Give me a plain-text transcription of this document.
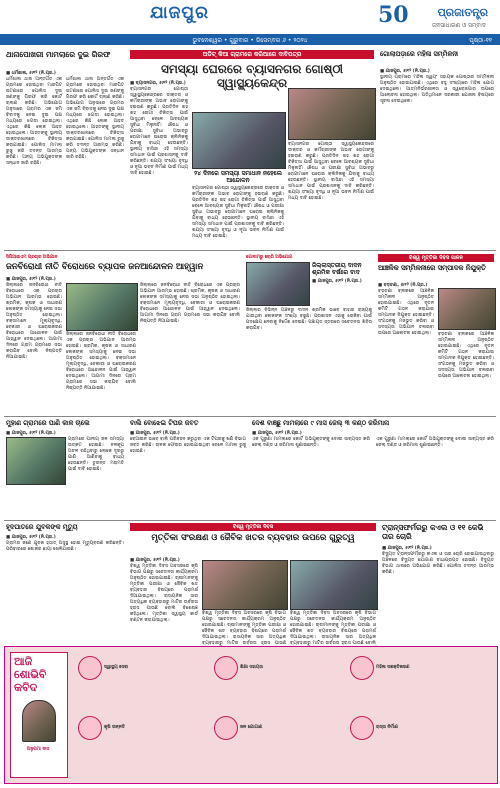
ଯାଜପୁର	50	ପ୍ରଜାତନ୍ତ୍ର
ଜନସାଧାରଣ ଓ ସମ୍ବାଦ
ଭୁବନେଶ୍ୱର • ଗୁରୁବାର • ଡିସେମ୍ବର ୬ • ୨୦୨୪	ପୃଷ୍ଠା-୧୧
ଥାନାପୋଖରୀ ମାମଲାରେ ଦୁଇ ଗିରଫ
■ ଧର୍ମଶାଳା, ୫ା୧୨ (ନି.ପ୍ର.)
ଧର୍ମଶାଳା ଥାନା ଅନ୍ତର୍ଗତ ଏକ ଗ୍ରାମରେ ହୋଇଥିବା ମାରପିଟ ଘଟଣାରେ ପୋଲିସ ଦୁଇ ଜଣଙ୍କୁ ଗିରଫ କରି କୋର୍ଟ ଚାଲାଣ କରିଛି। ଅଭିଯୋଗ ଅନୁସାରେ ଗ୍ରାମର ଏକ ଜମି ବିବାଦକୁ ନେଇ ଦୁଇ ପକ୍ଷ ମଧ୍ୟରେ ଝଗଡା ହୋଇଥିଲା। ଏଥିରେ କିଛି ଲୋକ ଆହତ ହୋଇଥିଲେ। ଆହତଙ୍କୁ ସ୍ଥାନୀୟ ଡାକ୍ତରଖାନାରେ ଚିକିତ୍ସା କରାଯାଇଛି। ପୋଲିସ ମାମଲା ରୁଜୁ କରି ତଦନ୍ତ ଆରମ୍ଭ କରିଛି। ଅନ୍ୟ ଅଭିଯୁକ୍ତଙ୍କ ସନ୍ଧାନ ଜାରି ରହିଛି।
ଧର୍ମଶାଳା ଥାନା ଅନ୍ତର୍ଗତ ଏକ ଗ୍ରାମରେ ହୋଇଥିବା ମାରପିଟ ଘଟଣାରେ ପୋଲିସ ଦୁଇ ଜଣଙ୍କୁ ଗିରଫ କରି କୋର୍ଟ ଚାଲାଣ କରିଛି। ଅଭିଯୋଗ ଅନୁସାରେ ଗ୍ରାମର ଏକ ଜମି ବିବାଦକୁ ନେଇ ଦୁଇ ପକ୍ଷ ମଧ୍ୟରେ ଝଗଡା ହୋଇଥିଲା। ଏଥିରେ କିଛି ଲୋକ ଆହତ ହୋଇଥିଲେ। ଆହତଙ୍କୁ ସ୍ଥାନୀୟ ଡାକ୍ତରଖାନାରେ ଚିକିତ୍ସା କରାଯାଇଛି। ପୋଲିସ ମାମଲା ରୁଜୁ କରି ତଦନ୍ତ ଆରମ୍ଭ କରିଛି। ଅନ୍ୟ ଅଭିଯୁକ୍ତଙ୍କ ସନ୍ଧାନ ଜାରି ରହିଛି।
ଅଡିଟ୍ କିଆ ଗ୍ରାମରେ କରିଆରେ ଦାବିପତ୍ର
ସମସ୍ୟା ଘେରରେ ବ୍ୟାସନଗର ଗୋଷ୍ଠୀ ସ୍ୱାସ୍ଥ୍ୟକେନ୍ଦ୍ର
■ ବ୍ୟାସନଗର, ୫ା୧୨ (ନି.ପ୍ର.)
ବ୍ୟାସନଗର ଗୋଷ୍ଠୀ ସ୍ୱାସ୍ଥ୍ୟକେନ୍ଦ୍ରରେ ଡାକ୍ତର ଓ କର୍ମଚାରୀଙ୍କ ଅଭାବ ରୋଗୀଙ୍କୁ ହଇରାଣ କରୁଛି। ପ୍ରତିଦିନ ଶହ ଶହ ରୋଗୀ ଚିକିତ୍ସା ପାଇଁ ଆସୁଥିବା ବେଳେ ଆବଶ୍ୟକ ସୁବିଧା ମିଳୁନାହିଁ। ଔଷଧ ଓ ପରୀକ୍ଷା ସୁବିଧା ଅଭାବରୁ ରୋଗୀମାନେ ଘରୋଇ କ୍ଲିନିକକୁ ଯିବାକୁ ବାଧ୍ୟ ହେଉଛନ୍ତି। ସ୍ଥାନୀୟ ବାସିନ୍ଦା ଏହି ସମସ୍ୟା ସମାଧାନ ପାଇଁ ପ୍ରଶାସନକୁ ଦାବି କରିଛନ୍ତି। ଶଯ୍ୟା ସଂଖ୍ୟା ବୃଦ୍ଧି ଓ ନୂଆ ଭବନ ନିର୍ମାଣ ପାଇଁ ମଧ୍ୟ ଦାବି ହୋଇଛି।	୨୪ ଦିନରେ ସମସ୍ୟା ସମାଧାନ ନହେଲେ ଆନ୍ଦୋଳନ
ବ୍ୟାସନଗର ଗୋଷ୍ଠୀ ସ୍ୱାସ୍ଥ୍ୟକେନ୍ଦ୍ରରେ ଡାକ୍ତର ଓ କର୍ମଚାରୀଙ୍କ ଅଭାବ ରୋଗୀଙ୍କୁ ହଇରାଣ କରୁଛି। ପ୍ରତିଦିନ ଶହ ଶହ ରୋଗୀ ଚିକିତ୍ସା ପାଇଁ ଆସୁଥିବା ବେଳେ ଆବଶ୍ୟକ ସୁବିଧା ମିଳୁନାହିଁ। ଔଷଧ ଓ ପରୀକ୍ଷା ସୁବିଧା ଅଭାବରୁ ରୋଗୀମାନେ ଘରୋଇ କ୍ଲିନିକକୁ ଯିବାକୁ ବାଧ୍ୟ ହେଉଛନ୍ତି। ସ୍ଥାନୀୟ ବାସିନ୍ଦା ଏହି ସମସ୍ୟା ସମାଧାନ ପାଇଁ ପ୍ରଶାସନକୁ ଦାବି କରିଛନ୍ତି। ଶଯ୍ୟା ସଂଖ୍ୟା ବୃଦ୍ଧି ଓ ନୂଆ ଭବନ ନିର୍ମାଣ ପାଇଁ ମଧ୍ୟ ଦାବି ହୋଇଛି।
ବ୍ୟାସନଗର ଗୋଷ୍ଠୀ ସ୍ୱାସ୍ଥ୍ୟକେନ୍ଦ୍ରରେ ଡାକ୍ତର ଓ କର୍ମଚାରୀଙ୍କ ଅଭାବ ରୋଗୀଙ୍କୁ ହଇରାଣ କରୁଛି। ପ୍ରତିଦିନ ଶହ ଶହ ରୋଗୀ ଚିକିତ୍ସା ପାଇଁ ଆସୁଥିବା ବେଳେ ଆବଶ୍ୟକ ସୁବିଧା ମିଳୁନାହିଁ। ଔଷଧ ଓ ପରୀକ୍ଷା ସୁବିଧା ଅଭାବରୁ ରୋଗୀମାନେ ଘରୋଇ କ୍ଲିନିକକୁ ଯିବାକୁ ବାଧ୍ୟ ହେଉଛନ୍ତି। ସ୍ଥାନୀୟ ବାସିନ୍ଦା ଏହି ସମସ୍ୟା ସମାଧାନ ପାଇଁ ପ୍ରଶାସନକୁ ଦାବି କରିଛନ୍ତି। ଶଯ୍ୟା ସଂଖ୍ୟା ବୃଦ୍ଧି ଓ ନୂଆ ଭବନ ନିର୍ମାଣ ପାଇଁ ମଧ୍ୟ ଦାବି ହୋଇଛି।
ଗୋଲାପଡ଼ାରେ ମହିଳା ସମ୍ମିଳନୀ
■ ଯାଜପୁର, ୫ା୧୨ (ନି.ପ୍ର.)
ସ୍ଥାନୀୟ ଗ୍ରାମରେ ମହିଳା ସ୍ୱୟଂ ସହାୟକ ଗୋଷ୍ଠୀର ସମ୍ମିଳନୀ ଅନୁଷ୍ଠିତ ହୋଇଯାଇଛି। ଏଥିରେ ବହୁ ସଂଖ୍ୟାରେ ମହିଳା ଯୋଗ ଦେଇଥିଲେ। ଆତ୍ମନିର୍ଭରଶୀଳତା ଓ ସ୍ୱରୋଜଗାର ଉପରେ ଆଲୋଚନା ହୋଇଥିଲା। ଅତିଥିମାନେ ସରକାରୀ ଯୋଜନା ବିଷୟରେ ସୂଚନା ଦେଇଥିଲେ।
ସିପିଆଇଏମ ପ୍ରଚାର ଅଭିଯାନ
ଜନବିରୋଧୀ ନୀତି ବିରୋଧରେ ବ୍ୟାପକ ଜନଆନ୍ଦୋଳନ ଆହ୍ୱାନ
■ ଯାଜପୁର, ୫ା୧୨ (ନି.ପ୍ର.)
ଜିଲ୍ଲାରେ ଜନବିରୋଧୀ ନୀତି ବିରୋଧରେ ଏକ ପ୍ରଚାର ଅଭିଯାନ ଆରମ୍ଭ ହୋଇଛି। ଶ୍ରମିକ, କୃଷକ ଓ ସାଧାରଣ ଲୋକଙ୍କ ସମସ୍ୟାକୁ ନେଇ ସଭା ଅନୁଷ୍ଠିତ ହୋଇଥିଲା। ବକ୍ତାମାନେ ମୂଲ୍ୟବୃଦ୍ଧି, ବେକାରୀ ଓ ଘରୋଇକରଣ ବିରୋଧରେ ଆନ୍ଦୋଳନ ପାଇଁ ଆହ୍ୱାନ ଦେଇଥିଲେ। ଆଗାମୀ ଦିନରେ ଗ୍ରାମ ଗ୍ରାମରେ ସଭା କରାଯିବ ବୋଲି ନିଷ୍ପତ୍ତି ନିଆଯାଇଛି।
ଜିଲ୍ଲାରେ ଜନବିରୋଧୀ ନୀତି ବିରୋଧରେ ଏକ ପ୍ରଚାର ଅଭିଯାନ ଆରମ୍ଭ ହୋଇଛି। ଶ୍ରମିକ, କୃଷକ ଓ ସାଧାରଣ ଲୋକଙ୍କ ସମସ୍ୟାକୁ ନେଇ ସଭା ଅନୁଷ୍ଠିତ ହୋଇଥିଲା। ବକ୍ତାମାନେ ମୂଲ୍ୟବୃଦ୍ଧି, ବେକାରୀ ଓ ଘରୋଇକରଣ ବିରୋଧରେ ଆନ୍ଦୋଳନ ପାଇଁ ଆହ୍ୱାନ ଦେଇଥିଲେ। ଆଗାମୀ ଦିନରେ ଗ୍ରାମ ଗ୍ରାମରେ ସଭା କରାଯିବ ବୋଲି ନିଷ୍ପତ୍ତି ନିଆଯାଇଛି।
ଜିଲ୍ଲାରେ ଜନବିରୋଧୀ ନୀତି ବିରୋଧରେ ଏକ ପ୍ରଚାର ଅଭିଯାନ ଆରମ୍ଭ ହୋଇଛି। ଶ୍ରମିକ, କୃଷକ ଓ ସାଧାରଣ ଲୋକଙ୍କ ସମସ୍ୟାକୁ ନେଇ ସଭା ଅନୁଷ୍ଠିତ ହୋଇଥିଲା। ବକ୍ତାମାନେ ମୂଲ୍ୟବୃଦ୍ଧି, ବେକାରୀ ଓ ଘରୋଇକରଣ ବିରୋଧରେ ଆନ୍ଦୋଳନ ପାଇଁ ଆହ୍ୱାନ ଦେଇଥିଲେ। ଆଗାମୀ ଦିନରେ ଗ୍ରାମ ଗ୍ରାମରେ ସଭା କରାଯିବ ବୋଲି ନିଷ୍ପତ୍ତି ନିଆଯାଇଛି।
ଗୋଦାମରୁ ଚୋରି ଅଭିଯୋଗ
ଜିଲ୍ଲାସ୍ତରୀୟ ଦାଦନ ଶ୍ରମିକ ବର୍ଷରେ ବାଦ
■ ଯାଜପୁର, ୫ା୧୨ (ନି.ପ୍ର.)
ଜିଲ୍ଲାର ବିଭିନ୍ନ ଅଞ୍ଚଳରୁ ଦାଦନ ଶ୍ରମିକ ଭାବେ ବାହାର ରାଜ୍ୟକୁ ଯାଉଥିବା ଲୋକଙ୍କ ସଂଖ୍ୟା ବଢୁଛି। ପ୍ରଶାସନ ଏହାକୁ ରୋକିବା ପାଇଁ ପଦକ୍ଷେପ ନେବାକୁ ନିର୍ଦ୍ଦେଶ ଦେଇଛି। ପଞ୍ଚାୟତ ସ୍ତରରେ ସଚେତନତା ଶିବିର କରାଯିବ।
ବିଶ୍ୱ ମୃତ୍ତିକା ଦିବସ ପାଳନ
ଆଞ୍ଚଳିକ ସମ୍ମିଳନୀରେ ସମ୍ପାଦକ ନିଯୁକ୍ତି
■ ବଡ଼ଚଣା, ୫ା୧୨ (ନି.ପ୍ର.)
ବଡ଼ଚଣା ବ୍ଲକରେ ଆଞ୍ଚଳିକ ସମ୍ମିଳନୀ ଅନୁଷ୍ଠିତ ହୋଇଯାଇଛି। ଏଥିରେ ନୂତନ କମିଟି ଗଠନ କରାଯାଇ ସମ୍ପାଦକ ନିଯୁକ୍ତ ହୋଇଛନ୍ତି। ସଂଗଠନକୁ ମଜଭୁତ କରିବା ଓ ସଦସ୍ୟତା ଅଭିଯାନ ଚଳାଇବା ଉପରେ ଆଲୋଚନା ହୋଇଥିଲା।	ବଡ଼ଚଣା ବ୍ଲକରେ ଆଞ୍ଚଳିକ ସମ୍ମିଳନୀ ଅନୁଷ୍ଠିତ ହୋଇଯାଇଛି। ଏଥିରେ ନୂତନ କମିଟି ଗଠନ କରାଯାଇ ସମ୍ପାଦକ ନିଯୁକ୍ତ ହୋଇଛନ୍ତି। ସଂଗଠନକୁ ମଜଭୁତ କରିବା ଓ ସଦସ୍ୟତା ଅଭିଯାନ ଚଳାଇବା ଉପରେ ଆଲୋଚନା ହୋଇଥିଲା।
ମୁହାଣ ଗ୍ରାମରେ ପାଣି କାଳ ଚାଲେ
■ ଯାଜପୁର, ୫ା୧୨ (ନି.ପ୍ର.)
ଗ୍ରାମରେ ପାନୀୟ ଜଳ ସମସ୍ୟା ଉତ୍କଟ ହୋଇଛି। ନଳକୂପ ଅଚଳ ରହିଥିବାରୁ ଲୋକେ ଦୂରରୁ ପାଣି ଆଣିବାକୁ ବାଧ୍ୟ ହେଉଛନ୍ତି। ତୁରନ୍ତ ମରାମତି ପାଇଁ ଦାବି ହୋଇଛି।
ବାଲି ବୋଝେଇ ଟିପର ଜବତ
■ ଯାଜପୁର, ୫ା୧୨ (ନି.ପ୍ର.)
ବେଆଇନ ଭାବେ ବାଲି ପରିବହନ କରୁଥିବା ଏକ ଟିପରକୁ ଖଣି ବିଭାଗ ଜବତ କରିଛି। ଚାଳକ ଫେରାର ହୋଇଯାଇଥିବା ବେଳେ ମାମଲା ରୁଜୁ ହୋଇଛି।
ଦେଶ ବାଞ୍ଛୁ ମାମଲାରେ ୯ ମାସ ଜେଲ୍ ୩ କଣ୍ଠ ଜରିମାନା
■ ଯାଜପୁର, ୫ା୧୨ (ନି.ପ୍ର.)
ଏକ ପୁରୁଣା ମାମଲାରେ କୋର୍ଟ ଅଭିଯୁକ୍ତଙ୍କୁ ଦୋଷୀ ସାବ୍ୟସ୍ତ କରି ଜେଲ୍ ଦଣ୍ଡ ଓ ଜରିମାନା ଶୁଣାଇଛନ୍ତି।
ଏକ ପୁରୁଣା ମାମଲାରେ କୋର୍ଟ ଅଭିଯୁକ୍ତଙ୍କୁ ଦୋଷୀ ସାବ୍ୟସ୍ତ କରି ଜେଲ୍ ଦଣ୍ଡ ଓ ଜରିମାନା ଶୁଣାଇଛନ୍ତି।
ହୃଦଘାତରେ ଯୁବକଙ୍କ ମୃତ୍ୟୁ
■ ଯାଜପୁର, ୫ା୧୨ (ନି.ପ୍ର.)
ଗ୍ରାମର ଜଣେ ଯୁବକ ହଠାତ୍ ଅସୁସ୍ଥ ହୋଇ ମୃତ୍ୟୁବରଣ କରିଛନ୍ତି। ପରିବାରରେ ଶୋକର ଛାୟା ଖେଳିଯାଇଛି।
ବିଶ୍ୱ ମୃତ୍ତିକା ଦିବସ
ମୃତ୍ତିକା ସଂରକ୍ଷଣ ଓ ଜୈବିକ ଖତର ବ୍ୟବହାର ଉପରେ ଗୁରୁତ୍ୱ
■ ଯାଜପୁର, ୫ା୧୨ (ନି.ପ୍ର.)
ବିଶ୍ୱ ମୃତ୍ତିକା ଦିବସ ଅବସରରେ କୃଷି ବିଭାଗ ପକ୍ଷରୁ ସଚେତନତା କାର୍ଯ୍ୟକ୍ରମ ଅନୁଷ୍ଠିତ ହୋଇଯାଇଛି। ଚାଷୀମାନଙ୍କୁ ମୃତ୍ତିକା ପରୀକ୍ଷା ଓ ଜୈବିକ ଖତ ବ୍ୟବହାର ବିଷୟରେ ପରାମର୍ଶ ଦିଆଯାଇଥିଲା। ରାସାୟନିକ ସାର ଅତ୍ୟଧିକ ବ୍ୟବହାରରୁ ମାଟିର ଉର୍ବରତା ହ୍ରାସ ପାଉଛି ବୋଲି ବିଶେଷଜ୍ଞ କହିଥିଲେ। ମୃତ୍ତିକା ସ୍ୱାସ୍ଥ୍ୟ କାର୍ଡ ବଣ୍ଟନ କରାଯାଇଥିଲା।
ବିଶ୍ୱ ମୃତ୍ତିକା ଦିବସ ଅବସରରେ କୃଷି ବିଭାଗ ପକ୍ଷରୁ ସଚେତନତା କାର୍ଯ୍ୟକ୍ରମ ଅନୁଷ୍ଠିତ ହୋଇଯାଇଛି। ଚାଷୀମାନଙ୍କୁ ମୃତ୍ତିକା ପରୀକ୍ଷା ଓ ଜୈବିକ ଖତ ବ୍ୟବହାର ବିଷୟରେ ପରାମର୍ଶ ଦିଆଯାଇଥିଲା। ରାସାୟନିକ ସାର ଅତ୍ୟଧିକ ବ୍ୟବହାରରୁ ମାଟିର ଉର୍ବରତା ହ୍ରାସ ପାଉଛି
ବିଶ୍ୱ ମୃତ୍ତିକା ଦିବସ ଅବସରରେ କୃଷି ବିଭାଗ ପକ୍ଷରୁ ସଚେତନତା କାର୍ଯ୍ୟକ୍ରମ ଅନୁଷ୍ଠିତ ହୋଇଯାଇଛି। ଚାଷୀମାନଙ୍କୁ ମୃତ୍ତିକା ପରୀକ୍ଷା ଓ ଜୈବିକ ଖତ ବ୍ୟବହାର ବିଷୟରେ ପରାମର୍ଶ ଦିଆଯାଇଥିଲା। ରାସାୟନିକ ସାର ଅତ୍ୟଧିକ ବ୍ୟବହାରରୁ ମାଟିର ଉର୍ବରତା ହ୍ରାସ ପାଉଛି ବୋଲି
ଟ୍ରାନ୍ସଫର୍ମରରୁ କଏଲ ଓ ୧୧ କେଭି ତାର ଚୋରି
■ ଯାଜପୁର, ୫ା୧୨ (ନି.ପ୍ର.)
ବିଦ୍ୟୁତ ଟ୍ରାନ୍ସଫର୍ମରରୁ କଏଲ ଓ ତାର ଚୋରି ହୋଇଯାଇଥିବାରୁ ଅଞ୍ଚଳରେ ବିଦ୍ୟୁତ ଯୋଗାଣ ବାଧାପ୍ରାପ୍ତ ହୋଇଛି। ବିଦ୍ୟୁତ ବିଭାଗ ଥାନାରେ ଅଭିଯୋଗ କରିଛି। ପୋଲିସ ତଦନ୍ତ ଆରମ୍ଭ କରିଛି।
ଆଜି
ଶୋଭିବି
କବିଦ
ଅନୁପମା ଦାସ
ସ୍ୱାସ୍ଥ୍ୟ ସେବା	ଶିକ୍ଷା ସହାୟତା	ମହିଳା ସଶକ୍ତିକରଣ
କୃଷି ଉନ୍ନତି	ଜଳ ଯୋଗାଣ	ରାସ୍ତା ନିର୍ମାଣ
